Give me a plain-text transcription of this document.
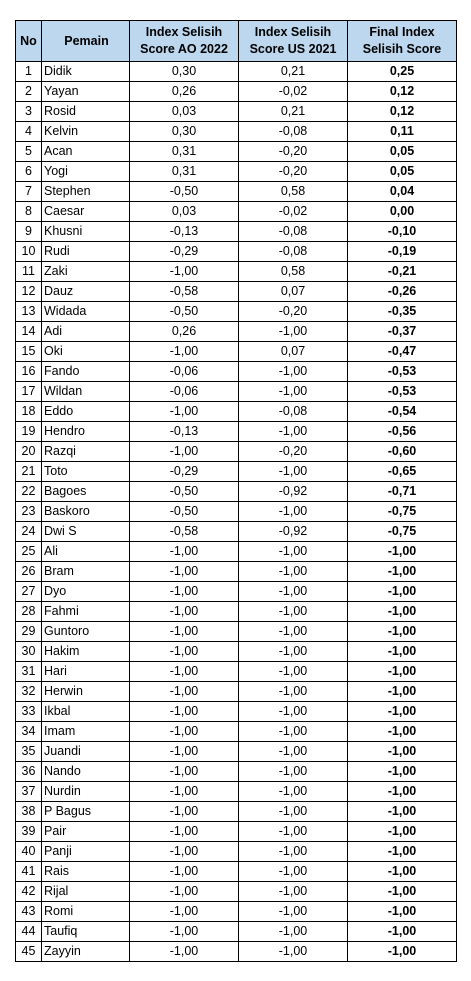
No	Pemain	Index Selisih Score AO 2022	Index Selisih Score US 2021	Final Index Selisih Score
1	Didik	0,30	0,21	0,25
2	Yayan	0,26	-0,02	0,12
3	Rosid	0,03	0,21	0,12
4	Kelvin	0,30	-0,08	0,11
5	Acan	0,31	-0,20	0,05
6	Yogi	0,31	-0,20	0,05
7	Stephen	-0,50	0,58	0,04
8	Caesar	0,03	-0,02	0,00
9	Khusni	-0,13	-0,08	-0,10
10	Rudi	-0,29	-0,08	-0,19
11	Zaki	-1,00	0,58	-0,21
12	Dauz	-0,58	0,07	-0,26
13	Widada	-0,50	-0,20	-0,35
14	Adi	0,26	-1,00	-0,37
15	Oki	-1,00	0,07	-0,47
16	Fando	-0,06	-1,00	-0,53
17	Wildan	-0,06	-1,00	-0,53
18	Eddo	-1,00	-0,08	-0,54
19	Hendro	-0,13	-1,00	-0,56
20	Razqi	-1,00	-0,20	-0,60
21	Toto	-0,29	-1,00	-0,65
22	Bagoes	-0,50	-0,92	-0,71
23	Baskoro	-0,50	-1,00	-0,75
24	Dwi S	-0,58	-0,92	-0,75
25	Ali	-1,00	-1,00	-1,00
26	Bram	-1,00	-1,00	-1,00
27	Dyo	-1,00	-1,00	-1,00
28	Fahmi	-1,00	-1,00	-1,00
29	Guntoro	-1,00	-1,00	-1,00
30	Hakim	-1,00	-1,00	-1,00
31	Hari	-1,00	-1,00	-1,00
32	Herwin	-1,00	-1,00	-1,00
33	Ikbal	-1,00	-1,00	-1,00
34	Imam	-1,00	-1,00	-1,00
35	Juandi	-1,00	-1,00	-1,00
36	Nando	-1,00	-1,00	-1,00
37	Nurdin	-1,00	-1,00	-1,00
38	P Bagus	-1,00	-1,00	-1,00
39	Pair	-1,00	-1,00	-1,00
40	Panji	-1,00	-1,00	-1,00
41	Rais	-1,00	-1,00	-1,00
42	Rijal	-1,00	-1,00	-1,00
43	Romi	-1,00	-1,00	-1,00
44	Taufiq	-1,00	-1,00	-1,00
45	Zayyin	-1,00	-1,00	-1,00
